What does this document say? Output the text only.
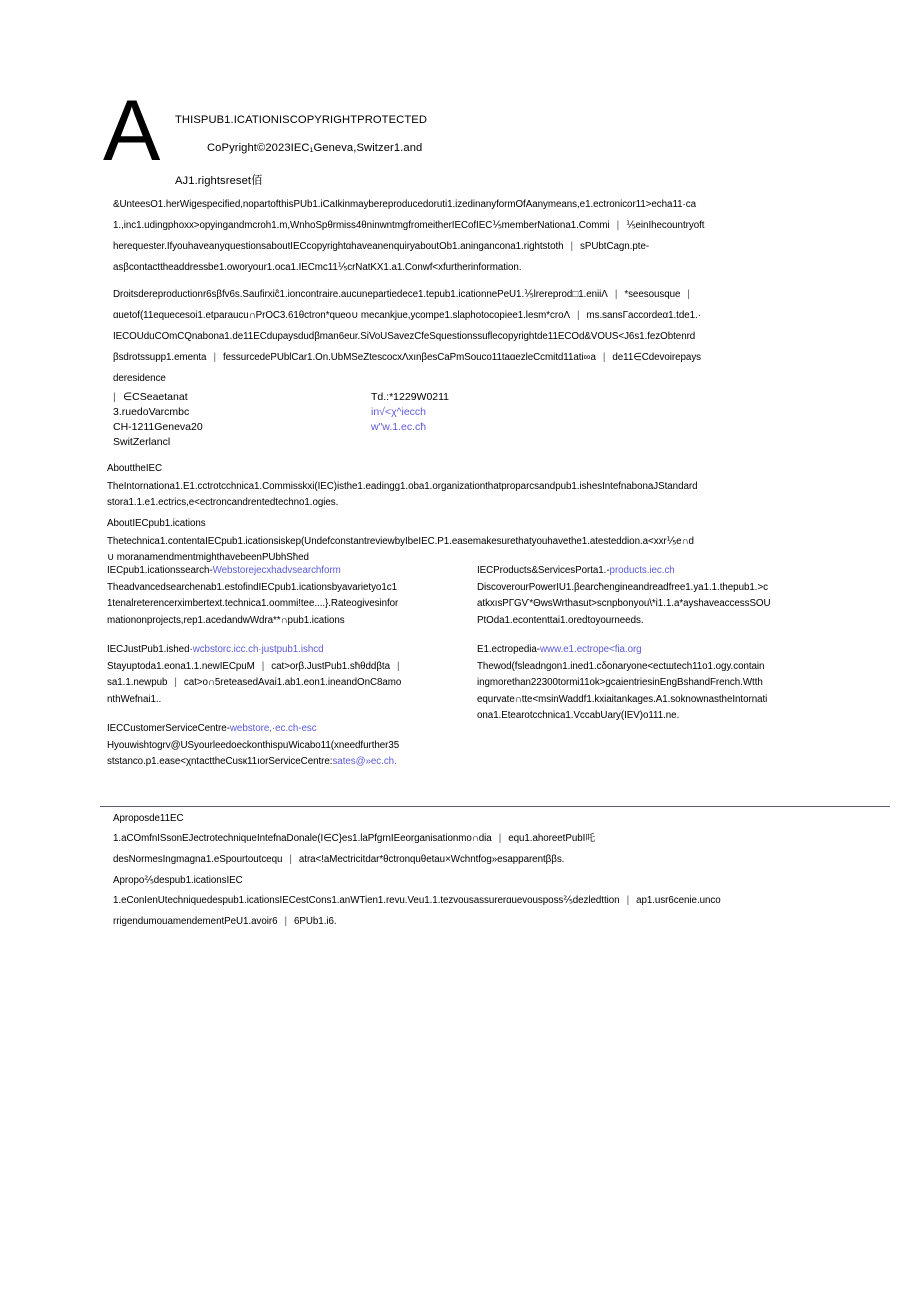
A THISPUB1.ICATIONISCOPYRIGHTPROTECTED
CoPyright©2023IEC₁Geneva,Switzer1.and
AJ1.rightsreset佰

&UnteesO1.herWigespecified,nopartofthisPUb1.iCaIkinmaybereproducedoruti1.izedinanyformOfAanymeans,e1.ectronicor11>echa11·ca

1.,inc1.udingphоxx>opyingandmcroh1.m,WnhoSpθrmiss4θninwntmgfromeitherIECofIEC⅕memberNationa1.Commi | ⅕einIhecountryoft

herequester.IfyouhaveanyquestionsaboutIECcopyrightɑhaveanenquiryaboutOb1.aningancona1.rightstoth | sPUbtCagn.pte-

asβcontacttheaddressbe1.oworyour1.oca1.IECmc11⅕crNatKX1.a1.Conwf<xfurtherinformation.

Droitsdereproductionr6sβfv6s.Saufirxiĉ1.ioncontraire.aucunepartiedece1.tepub1.icationnePeU1.⅕lrereprod□1.eniiΛ | *seesousque |

ɑuetof(11equecesoi1.etparaucu∩PrOC3.61θctron*queo∪ mecankjue,ycompe1.slaphotocopiee1.lesm*croΛ | ms.sansΓaccordeα1.tde1.·

IECOUduCOmCQnabona1.de11ECdupaysdudβman6eur.SiVoUSavezCfeSquestionssuflecopyrightde11ECOd&VOUS<J6s1.fezObtenrd

βsdrotssupp1.ementa | fessurcedePUblCar1.On.UbMSeZtescocxΛxınβesCaPmSouco11taɑezleCcmitd11ati∞a | de11∈Cdevoirepays

deresidence

| ∈CSeaetanat
3.ruedoVarcmbc
CH-1211Geneva20
SwitZerlancl
Td.:*1229W0211
in√<χ^iecch
w"w.1.ec.cħ
AbouttheIEC

TheIntornationa1.E1.cctrotcchnica1.Commisskxi(IEC)isthe1.eadingg1.oba1.organizationthatproparcsandpub1.ishesIntefnabonaJStandard

stora1.1.e1.ectrics,e<ectroncandrentedtechno1.ogies.

AboutIECpub1.ications

Thetechnica1.contentaIECpub1.icationsiskep(UndefconstantreviewbyIbeIEC.P1.easemakesurethatyouhavethe1.atesteddion.a<xxr⅕e∩d

∪ moranamendmentmighthavebeenPUbhSħed

IECpub1.icationssearch-Webstorejecxhadvsearchform
Theadvancedsearchenab1.estofindIECpub1.icationsbyavarietyo1c1
1tenalreterencerximbertext.technica1.oommi!tee....}.Rateogivesinfor
mationonprojects,rep1.acedandwWdra**∩pub1.ications
IECJustPub1.ished·wcbstorc.icc.ch·justpub1.ishcd
Stayuptoda1.eona1.1.newIECpuM | cat>orβ.JustPub1.sħθddβta |
sa1.1.newpub | cat>o∩5reteasedAvai1.ab1.eon1.ineandOnC8amo
nthWefnai1..
IECCustomerServiceCentre-webstore,·ec.ch-esc
Hyouwishtogrv@USyourleedoeckonthispuWicabo11(xneedfurther35
ststanco.p1.ease<χntacttheCusк11ıorServiceCentre:sates@»ec.ch.
IECProducts&ServicesPorta1.-products.iec.ch
DiscoverourPowerIU1.βearcħengineandreadfree1.ya1.1.thepub1.>c
atkxısРГGѴ*ΘwsWrthasut>scnpbonyou\*i1.1.a*ayshaveaccessSOU
PtOda1.econtenttai1.oredtoyourneeds.
E1.ectropedia-www.e1.ectrope<fia.org
Thewod(fsleadngon1.ined1.cδonaryone<ectшtech11o1.ogy.contain
ingmorethan22300tormi11ok>gcaientriesinEngBshandFrench.Wtth
equrvate∩tte<msinWaddf1.kxiaitankages.A1.soknownastheIntornati
ona1.Etearotcchnica1.VccabUary(IEV)o111.ne.
Aproposde11EC

1.aCOmfnISsonEJectrotechniqueIntefnaDonale(I∈C}es1.laPfgrnIEeorganisationmo∩dia | equ1.ahoreetPubI吒

desNormesIngmagna1.eSpourtoutcequ | atra<!aMectricitdar*θctronquθetau×Wchntfog»esapparentββs.

Apropo⅖despub1.icationsIEC

1.eConIenUtechniquedespub1.icationsIECestCons1.anWTien1.revu.Veu1.1.tezvousassurerɑuevousposs⅖dezledttion | ap1.usr6cenie.unco

rrigendumouamendementPeU1.avoir6 | 6PUb1.i6.
